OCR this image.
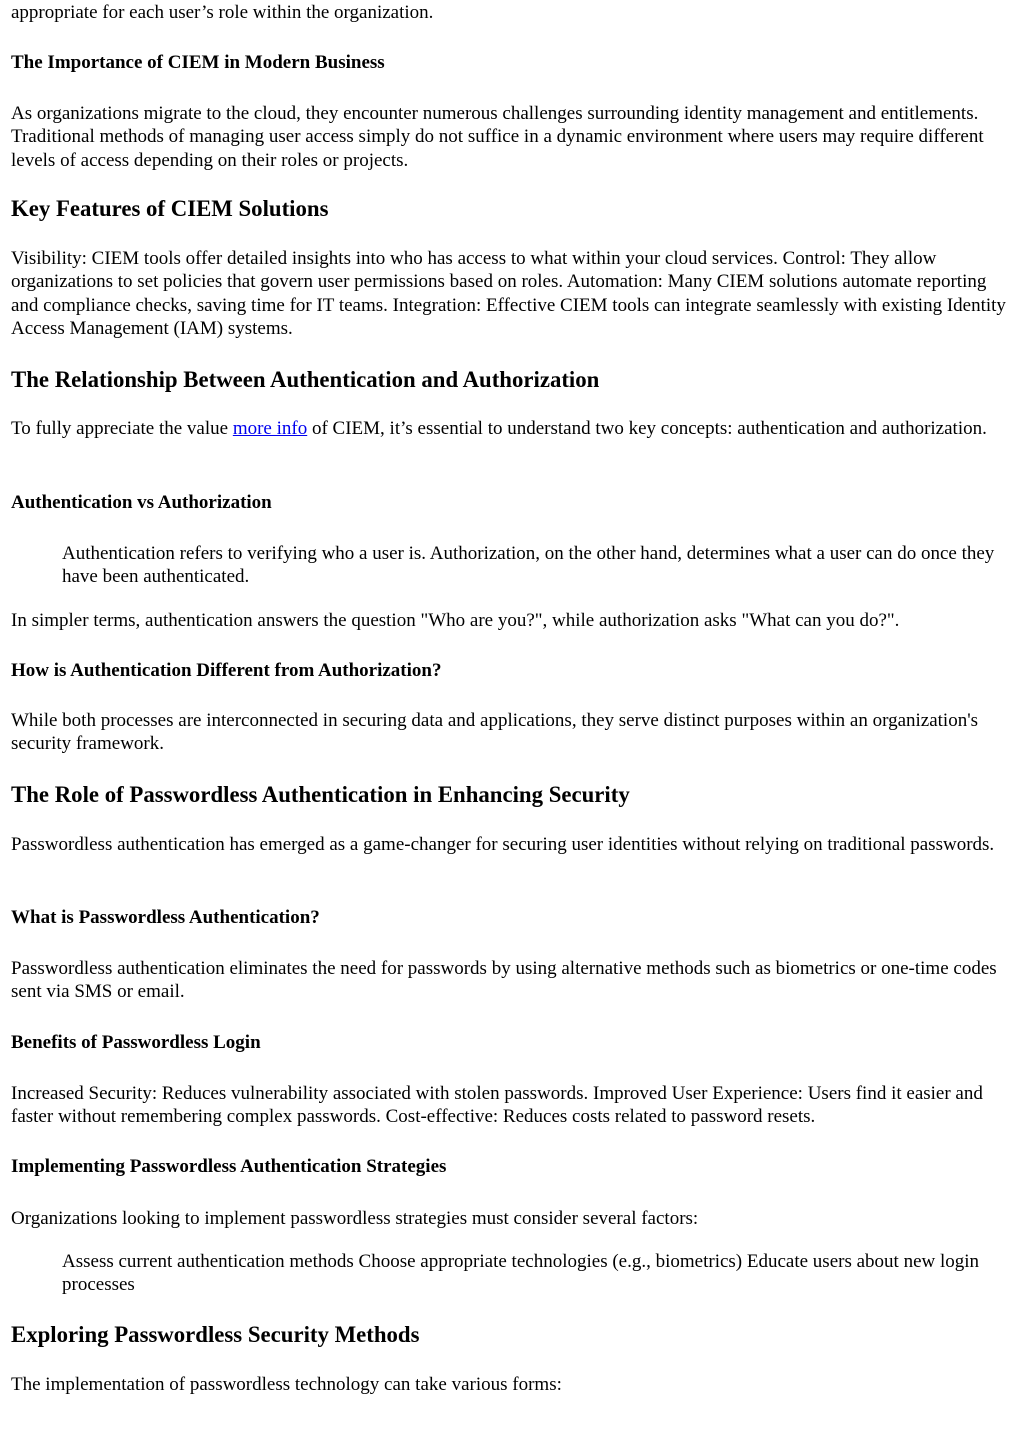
appropriate for each user’s role within the organization.

The Importance of CIEM in Modern Business

As organizations migrate to the cloud, they encounter numerous challenges surrounding identity management and entitlements. Traditional methods of managing user access simply do not suffice in a dynamic environment where users may require different levels of access depending on their roles or projects.

Key Features of CIEM Solutions

Visibility: CIEM tools offer detailed insights into who has access to what within your cloud services. Control: They allow organizations to set policies that govern user permissions based on roles. Automation: Many CIEM solutions automate reporting and compliance checks, saving time for IT teams. Integration: Effective CIEM tools can integrate seamlessly with existing Identity Access Management (IAM) systems.

The Relationship Between Authentication and Authorization

To fully appreciate the value more info of CIEM, it’s essential to understand two key concepts: authentication and authorization.

Authentication vs Authorization
Authentication refers to verifying who a user is. Authorization, on the other hand, determines what a user can do once they have been authenticated.

In simpler terms, authentication answers the question "Who are you?", while authorization asks "What can you do?".

How is Authentication Different from Authorization?

While both processes are interconnected in securing data and applications, they serve distinct purposes within an organization's security framework.

The Role of Passwordless Authentication in Enhancing Security

Passwordless authentication has emerged as a game-changer for securing user identities without relying on traditional passwords.

What is Passwordless Authentication?

Passwordless authentication eliminates the need for passwords by using alternative methods such as biometrics or one-time codes sent via SMS or email.

Benefits of Passwordless Login

Increased Security: Reduces vulnerability associated with stolen passwords. Improved User Experience: Users find it easier and faster without remembering complex passwords. Cost-effective: Reduces costs related to password resets.

Implementing Passwordless Authentication Strategies

Organizations looking to implement passwordless strategies must consider several factors:

Assess current authentication methods Choose appropriate technologies (e.g., biometrics) Educate users about new login processes
Exploring Passwordless Security Methods

The implementation of passwordless technology can take various forms:
